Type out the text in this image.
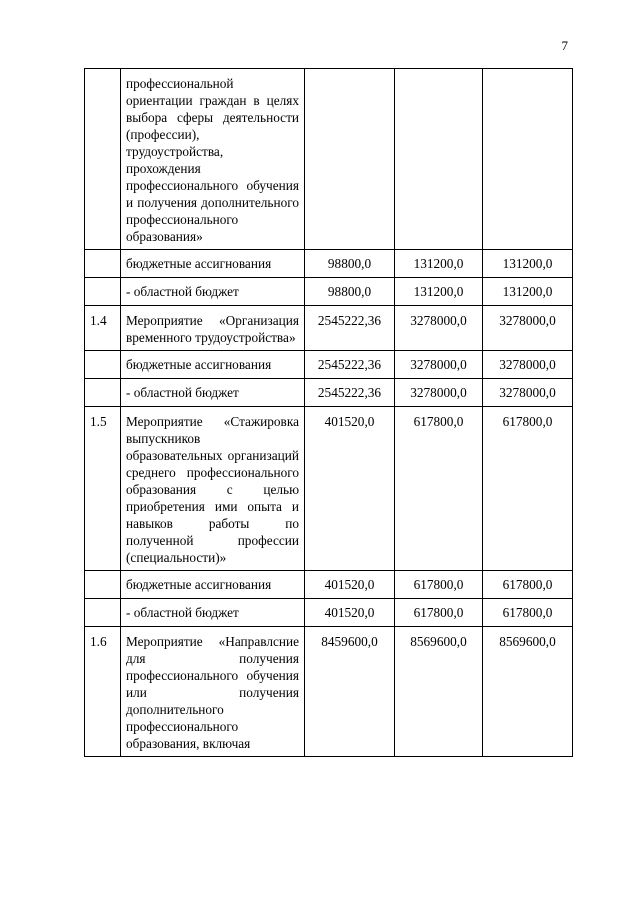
7
	профессиональной ориентации граждан в целях выбора сферы деятельности (профессии), трудоустройства, прохождения профессионального обучения и получения дополнительного профессионального образования»			
	бюджетные ассигнования	98800,0	131200,0	131200,0
	- областной бюджет	98800,0	131200,0	131200,0
1.4	Мероприятие «Организация временного трудоустройства»	2545222,36	3278000,0	3278000,0
	бюджетные ассигнования	2545222,36	3278000,0	3278000,0
	- областной бюджет	2545222,36	3278000,0	3278000,0
1.5	Мероприятие «Стажировка выпускников образовательных организаций среднего профессионального образования с целью приобретения ими опыта и навыков работы по полученной профессии (специальности)»	401520,0	617800,0	617800,0
	бюджетные ассигнования	401520,0	617800,0	617800,0
	- областной бюджет	401520,0	617800,0	617800,0
1.6	Мероприятие «Направлсние для получения профессионального обучения или получения дополнительного профессионального образования, включая	8459600,0	8569600,0	8569600,0
